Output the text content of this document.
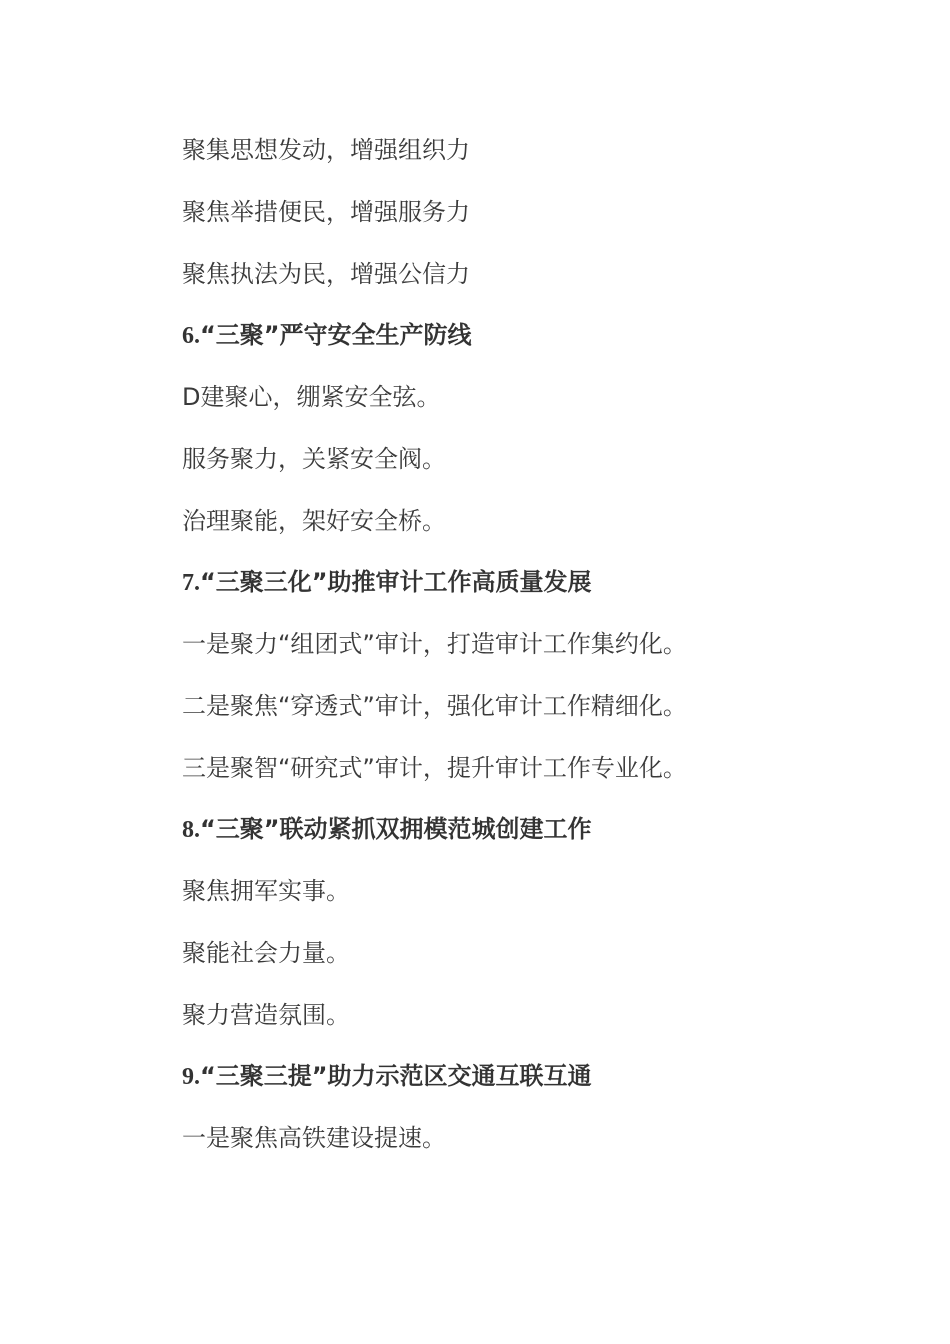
聚集思想发动，增强组织力
聚焦举措便民，增强服务力
聚焦执法为民，增强公信力
6.“三聚”严守安全生产防线
D建聚心，绷紧安全弦。
服务聚力，关紧安全阀。
治理聚能，架好安全桥。
7.“三聚三化”助推审计工作高质量发展
一是聚力“组团式”审计，打造审计工作集约化。
二是聚焦“穿透式”审计，强化审计工作精细化。
三是聚智“研究式”审计，提升审计工作专业化。
8.“三聚”联动紧抓双拥模范城创建工作
聚焦拥军实事。
聚能社会力量。
聚力营造氛围。
9.“三聚三提”助力示范区交通互联互通
一是聚焦高铁建设提速。
